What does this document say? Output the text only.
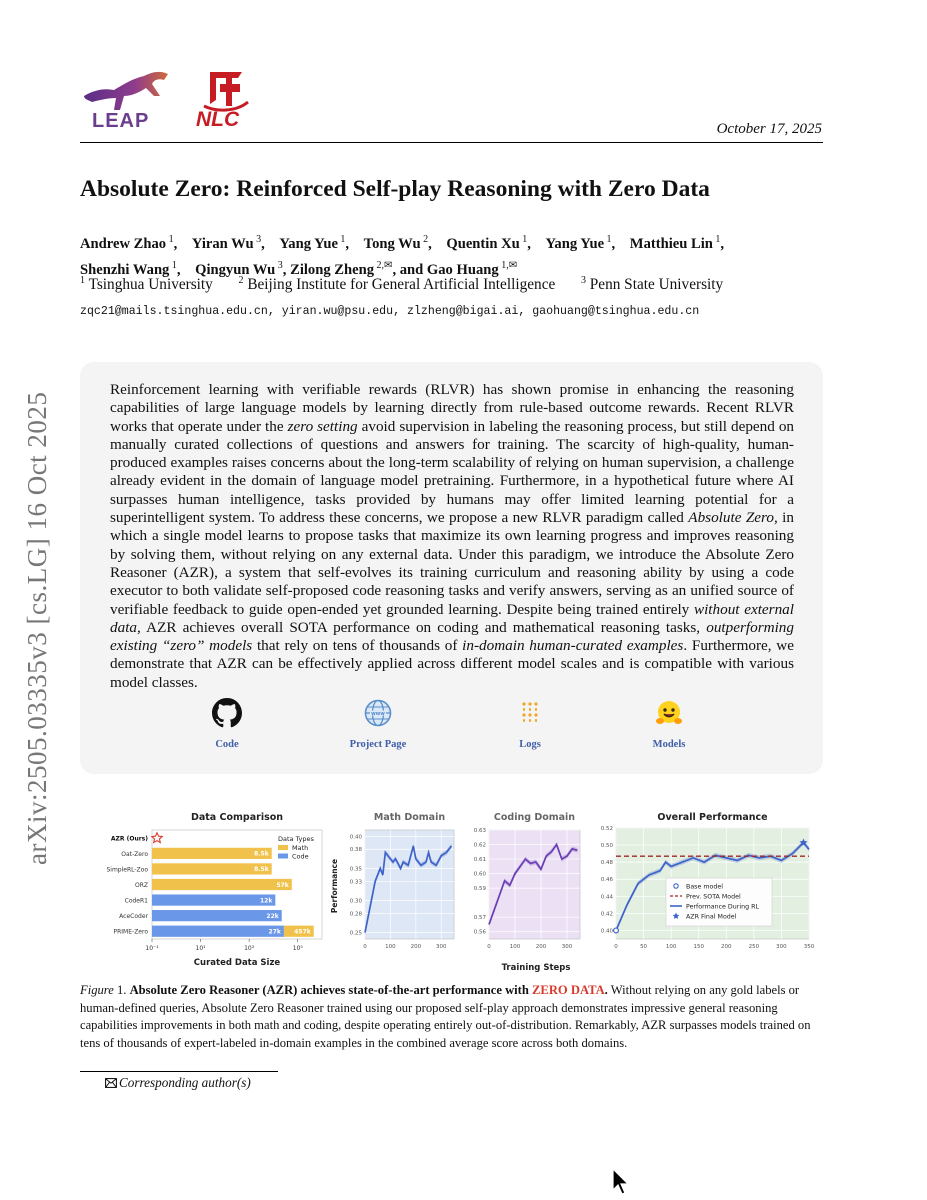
LEAP NLC	October 17, 2025
arXiv:2505.03335v3 [cs.LG] 16 Oct 2025
Absolute Zero: Reinforced Self-play Reasoning with Zero Data
Andrew Zhao $^1$, Yiran Wu $^3$, Yang Yue $^1$, Tong Wu $^2$, Quentin Xu $^1$, Yang Yue $^1$, Matthieu Lin $^1$,
Shenzhi Wang $^1$, Qingyun Wu $^3$, Zilong Zheng $^{2,✉}$, and Gao Huang $^{1,✉}$
$^1$ Tsinghua University	$^2$ Beijing Institute for General Artificial Intelligence	$^3$ Penn State University
zqc21@mails.tsinghua.edu.cn, yiran.wu@psu.edu, zlzheng@bigai.ai, gaohuang@tsinghua.edu.cn
Reinforcement learning with verifiable rewards (RLVR) has shown promise in enhancing the reasoning capabilities of large language models by learning directly from rule-based outcome rewards. Recent RLVR works that operate under the zero setting avoid supervision in labeling the reasoning process, but still depend on manually curated collections of questions and answers for training. The scarcity of high-quality, human-produced examples raises concerns about the long-term scalability of relying on human supervision, a challenge already evident in the domain of language model pretraining. Furthermore, in a hypothetical future where AI surpasses human intelligence, tasks provided by humans may offer limited learning potential for a superintelligent system. To address these concerns, we propose a new RLVR paradigm called Absolute Zero, in which a single model learns to propose tasks that maximize its own learning progress and improves reasoning by solving them, without relying on any external data. Under this paradigm, we introduce the Absolute Zero Reasoner (AZR), a system that self-evolves its training curriculum and reasoning ability by using a code executor to both validate self-proposed code reasoning tasks and verify answers, serving as an unified source of verifiable feedback to guide open-ended yet grounded learning. Despite being trained entirely without external data, AZR achieves overall SOTA performance on coding and mathematical reasoning tasks, outperforming existing “zero” models that rely on tens of thousands of in-domain human-curated examples. Furthermore, we demonstrate that AZR can be effectively applied across different model scales and is compatible with various model classes.
Code
www
Project Page	Logs	Models
Data Comparison
10⁻¹	10¹	10³	10⁵
Curated Data Size
AZR (Ours)
Oat-Zero	8.5k
SimpleRL-Zoo	8.5k
ORZ	57k
CodeR1	12k
AceCoder	22k
PRIME-Zero	27k 457k
Data Types
Math
Code
Math Domain
0.25
0.28
0.30
0.33
0.35
0.38
0.40
0	100	200	300
Performance
Coding Domain
0.56
0.57
0.59
0.60
0.61
0.62
0.63
0	100	200	300
Overall Performance
0.40
0.42
0.44
0.46
0.48
0.50
0.52
0	50	100	150	200	250	300	350
Base model
Prev. SOTA Model
Performance During RL
AZR Final Model
Training Steps
Figure 1. Absolute Zero Reasoner (AZR) achieves state-of-the-art performance with ZERO DATA. Without relying on any gold labels or human-defined queries, Absolute Zero Reasoner trained using our proposed self-play approach demonstrates impressive general reasoning capabilities improvements in both math and coding, despite operating entirely out-of-distribution. Remarkably, AZR surpasses models trained on tens of thousands of expert-labeled in-domain examples in the combined average score across both domains.
Corresponding author(s)
